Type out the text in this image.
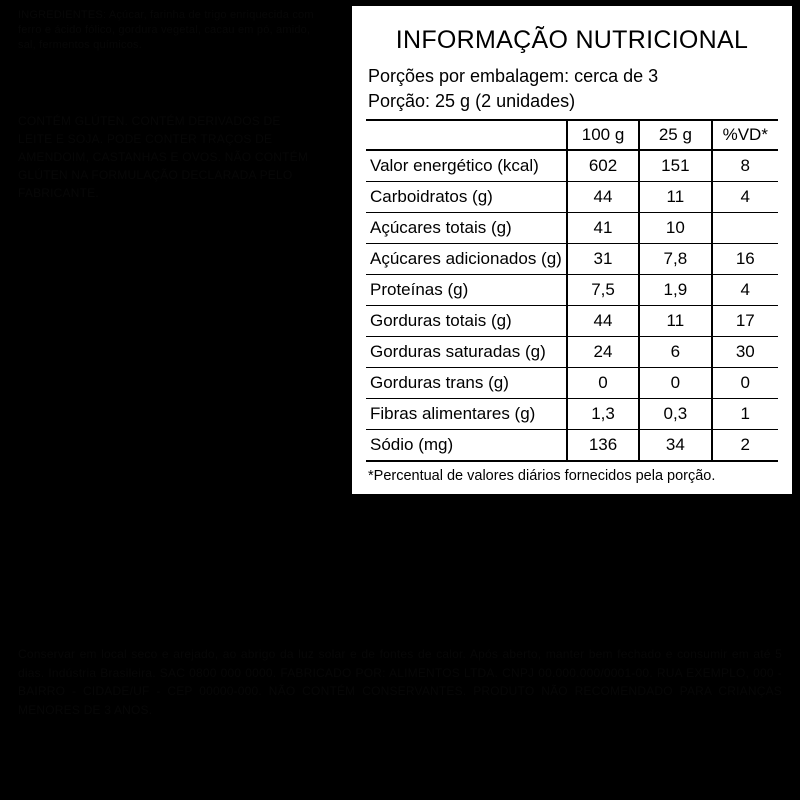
INGREDIENTES: Açúcar, farinha de trigo enriquecida com ferro e ácido fólico, gordura vegetal, cacau em pó, amido, sal, fermentos químicos.
CONTÉM GLÚTEN. CONTÉM DERIVADOS DE LEITE E SOJA. PODE CONTER TRAÇOS DE AMENDOIM, CASTANHAS E OVOS. NÃO CONTÉM GLÚTEN NA FORMULAÇÃO DECLARADA PELO FABRICANTE.
Conservar em local seco e arejado, ao abrigo da luz solar e de fontes de calor. Após aberto, manter bem fechado e consumir em até 5 dias. Indústria Brasileira. SAC 0800 000 0000. FABRICADO POR: ALIMENTOS LTDA. CNPJ 00.000.000/0001-00. RUA EXEMPLO, 000 - BAIRRO - CIDADE/UF - CEP 00000-000. NÃO CONTÉM CONSERVANTES. PRODUTO NÃO RECOMENDADO PARA CRIANÇAS MENORES DE 3 ANOS.
INFORMAÇÃO NUTRICIONAL
Porções por embalagem: cerca de 3
Porção: 25 g (2 unidades)
	100 g	25 g	%VD*
Valor energético (kcal)	602	151	8
Carboidratos (g)	44	11	4
Açúcares totais (g)	41	10	
Açúcares adicionados (g)	31	7,8	16
Proteínas (g)	7,5	1,9	4
Gorduras totais (g)	44	11	17
Gorduras saturadas (g)	24	6	30
Gorduras trans (g)	0	0	0
Fibras alimentares (g)	1,3	0,3	1
Sódio (mg)	136	34	2
*Percentual de valores diários fornecidos pela porção.
